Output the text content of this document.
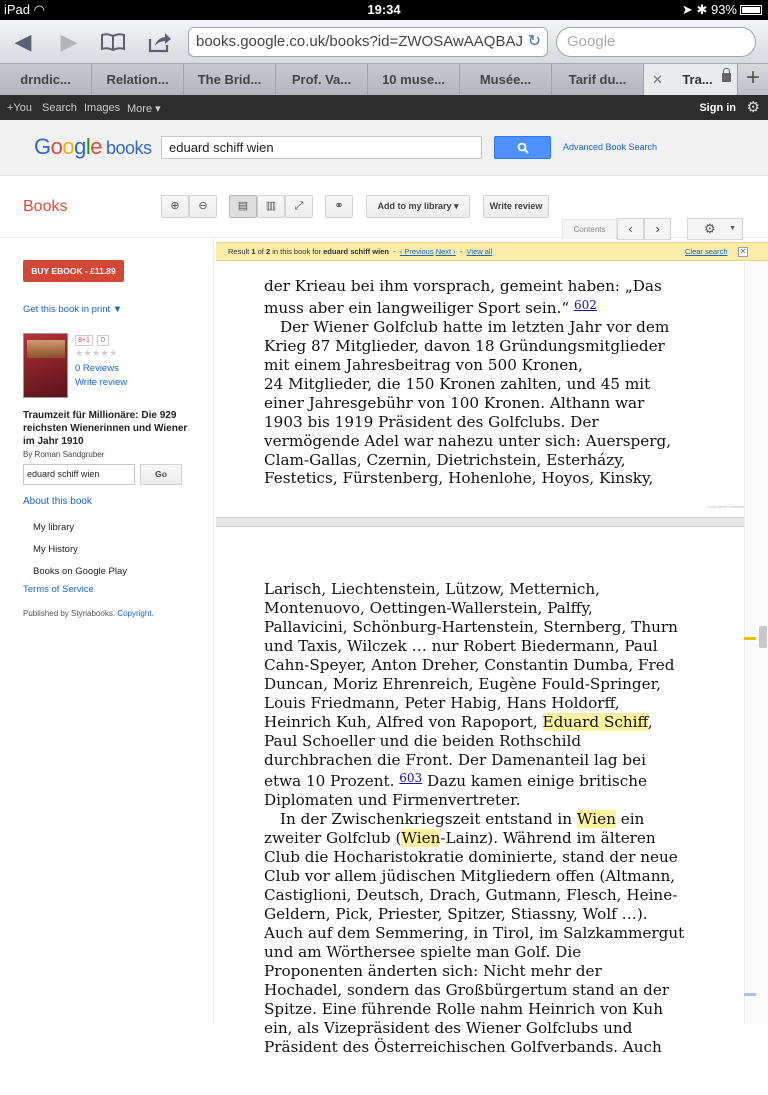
iPad ◠	19:34	➤ ✱ 93%
◀ ▶	books.google.co.uk/books?id=ZWOSAwAAQBAJ ↻	Google
drndic...	Relation...	The Brid...	Prof. Va...	10 muse...	Musée...	Tarif du...	✕ Tra...	+
+You Search Images More ▾	Sign in ⚙
Google books	eduard schiff wien	Advanced Book Search
Books	⊕	⊖	▤	▥	⤢	⚭	Add to my library ▾	Write review
Contents	‹	›	⚙ ▼
BUY EBOOK - £11.89
Get this book in print ▼
8+1	0
★★★★★
0 Reviews
Write review
Traumzeit für Millionäre: Die 929 reichsten Wienerinnen und Wiener im Jahr 1910
By Roman Sandgruber
eduard schiff wien	Go
About this book
My library
My History
Books on Google Play
Terms of Service
Published by Styriabooks. Copyright.
Result 1 of 2 in this book for eduard schiff wien - ‹ Previous Next › - View all	Clear search ✕

der Krieau bei ihm vorsprach, gemeint haben: „Das
muss aber ein langweiliger Sport sein.“ $^{602}$
Der Wiener Golfclub hatte im letzten Jahr vor dem
Krieg 87 Mitglieder, davon 18 Gründungsmitglieder
mit einem Jahresbeitrag von 500 Kronen,
24 Mitglieder, die 150 Kronen zahlten, und 45 mit
einer Jahresgebühr von 100 Kronen. Althann war
1903 bis 1919 Präsident des Golfclubs. Der
vermögende Adel war nahezu unter sich: Auersperg,
Clam-Gallas, Czernin, Dietrichstein, Esterházy,
Festetics, Fürstenberg, Hohenlohe, Hoyos, Kinsky,

Copyrighted material

Larisch, Liechtenstein, Lützow, Metternich,
Montenuovo, Oettingen-Wallerstein, Palffy,
Pallavicini, Schönburg-Hartenstein, Sternberg, Thurn
und Taxis, Wilczek … nur Robert Biedermann, Paul
Cahn-Speyer, Anton Dreher, Constantin Dumba, Fred
Duncan, Moriz Ehrenreich, Eugène Fould-Springer,
Louis Friedmann, Peter Habig, Hans Holdorff,
Heinrich Kuh, Alfred von Rapoport, Eduard Schiff,
Paul Schoeller und die beiden Rothschild
durchbrachen die Front. Der Damenanteil lag bei
etwa 10 Prozent. $^{603}$ Dazu kamen einige britische
Diplomaten und Firmenvertreter.
In der Zwischenkriegszeit entstand in Wien ein
zweiter Golfclub (Wien-Lainz). Während im älteren
Club die Hocharistokratie dominierte, stand der neue
Club vor allem jüdischen Mitgliedern offen (Altmann,
Castiglioni, Deutsch, Drach, Gutmann, Flesch, Heine-
Geldern, Pick, Priester, Spitzer, Stiassny, Wolf …).
Auch auf dem Semmering, in Tirol, im Salzkammergut
und am Wörthersee spielte man Golf. Die
Proponenten änderten sich: Nicht mehr der
Hochadel, sondern das Großbürgertum stand an der
Spitze. Eine führende Rolle nahm Heinrich von Kuh
ein, als Vizepräsident des Wiener Golfclubs und
Präsident des Österreichischen Golfverbands. Auch
